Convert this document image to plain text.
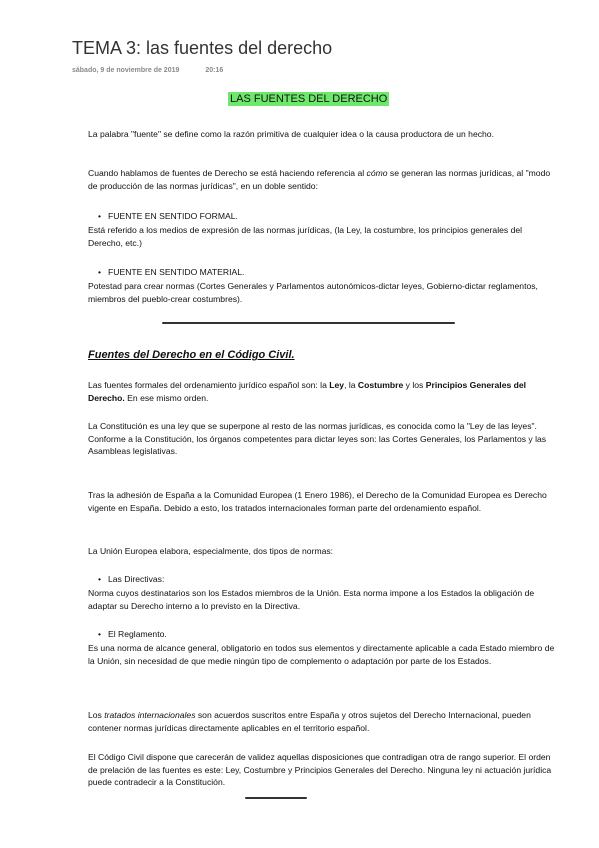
TEMA 3: las fuentes del derecho
sábado, 9 de noviembre de 2019	20:16
LAS FUENTES DEL DERECHO

La palabra "fuente" se define como la razón primitiva de cualquier idea o la causa productora de un hecho.

Cuando hablamos de fuentes de Derecho se está haciendo referencia al cómo se generan las normas jurídicas, al "modo de producción de las normas jurídicas", en un doble sentido:

• FUENTE EN SENTIDO FORMAL.

Está referido a los medios de expresión de las normas jurídicas, (la Ley, la costumbre, los principios generales del Derecho, etc.)

• FUENTE EN SENTIDO MATERIAL.

Potestad para crear normas (Cortes Generales y Parlamentos autonómicos-dictar leyes, Gobierno-dictar reglamentos, miembros del pueblo-crear costumbres).

Fuentes del Derecho en el Código Civil.

Las fuentes formales del ordenamiento jurídico español son: la Ley, la Costumbre y los Principios Generales del Derecho. En ese mismo orden.

La Constitución es una ley que se superpone al resto de las normas jurídicas, es conocida como la "Ley de las leyes".

Conforme a la Constitución, los órganos competentes para dictar leyes son: las Cortes Generales, los Parlamentos y las Asambleas legislativas.

Tras la adhesión de España a la Comunidad Europea (1 Enero 1986), el Derecho de la Comunidad Europea es Derecho vigente en España. Debido a esto, los tratados internacionales forman parte del ordenamiento español.

La Unión Europea elabora, especialmente, dos tipos de normas:

• Las Directivas:

Norma cuyos destinatarios son los Estados miembros de la Unión. Esta norma impone a los Estados la obligación de adaptar su Derecho interno a lo previsto en la Directiva.

• El Reglamento.

Es una norma de alcance general, obligatorio en todos sus elementos y directamente aplicable a cada Estado miembro de la Unión, sin necesidad de que medie ningún tipo de complemento o adaptación por parte de los Estados.

Los tratados internacionales son acuerdos suscritos entre España y otros sujetos del Derecho Internacional, pueden contener normas jurídicas directamente aplicables en el territorio español.

El Código Civil dispone que carecerán de validez aquellas disposiciones que contradigan otra de rango superior. El orden de prelación de las fuentes es este: Ley, Costumbre y Principios Generales del Derecho. Ninguna ley ni actuación jurídica puede contradecir a la Constitución.
